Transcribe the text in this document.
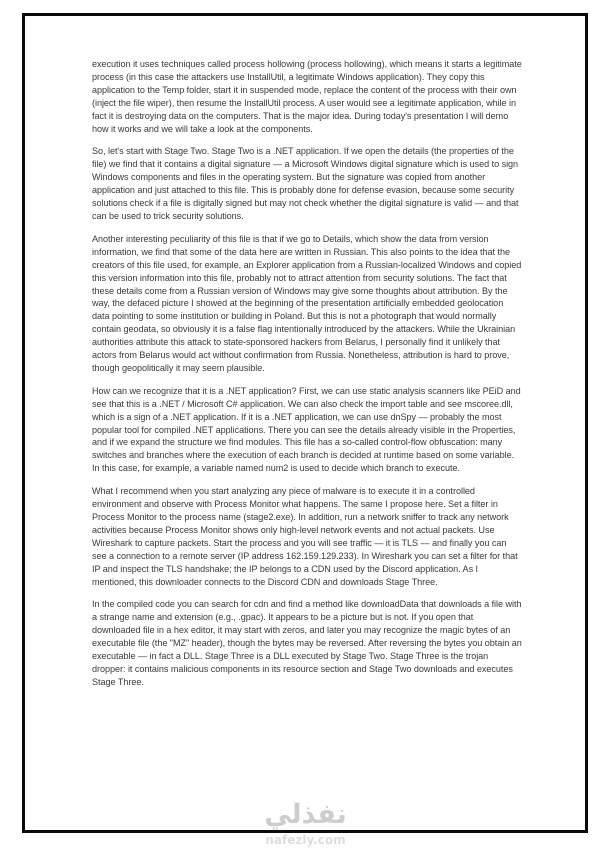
execution it uses techniques called process hollowing (process hollowing), which means it starts a legitimate process (in this case the attackers use InstallUtil, a legitimate Windows application). They copy this application to the Temp folder, start it in suspended mode, replace the content of the process with their own (inject the file wiper), then resume the InstallUtil process. A user would see a legitimate application, while in fact it is destroying data on the computers. That is the major idea. During today's presentation I will demo how it works and we will take a look at the components.

So, let's start with Stage Two. Stage Two is a .NET application. If we open the details (the properties of the file) we find that it contains a digital signature — a Microsoft Windows digital signature which is used to sign Windows components and files in the operating system. But the signature was copied from another application and just attached to this file. This is probably done for defense evasion, because some security solutions check if a file is digitally signed but may not check whether the digital signature is valid — and that can be used to trick security solutions.

Another interesting peculiarity of this file is that if we go to Details, which show the data from version information, we find that some of the data here are written in Russian. This also points to the idea that the creators of this file used, for example, an Explorer application from a Russian-localized Windows and copied this version information into this file, probably not to attract attention from security solutions. The fact that these details come from a Russian version of Windows may give some thoughts about attribution. By the way, the defaced picture I showed at the beginning of the presentation artificially embedded geolocation data pointing to some institution or building in Poland. But this is not a photograph that would normally contain geodata, so obviously it is a false flag intentionally introduced by the attackers. While the Ukrainian authorities attribute this attack to state-sponsored hackers from Belarus, I personally find it unlikely that actors from Belarus would act without confirmation from Russia. Nonetheless, attribution is hard to prove, though geopolitically it may seem plausible.

How can we recognize that it is a .NET application? First, we can use static analysis scanners like PEiD and see that this is a .NET / Microsoft C# application. We can also check the import table and see mscoree.dll, which is a sign of a .NET application. If it is a .NET application, we can use dnSpy — probably the most popular tool for compiled .NET applications. There you can see the details already visible in the Properties, and if we expand the structure we find modules. This file has a so-called control-flow obfuscation: many switches and branches where the execution of each branch is decided at runtime based on some variable. In this case, for example, a variable named num2 is used to decide which branch to execute.

What I recommend when you start analyzing any piece of malware is to execute it in a controlled environment and observe with Process Monitor what happens. The same I propose here. Set a filter in Process Monitor to the process name (stage2.exe). In addition, run a network sniffer to track any network activities because Process Monitor shows only high-level network events and not actual packets. Use Wireshark to capture packets. Start the process and you will see traffic — it is TLS — and finally you can see a connection to a remote server (IP address 162.159.129.233). In Wireshark you can set a filter for that IP and inspect the TLS handshake; the IP belongs to a CDN used by the Discord application. As I mentioned, this downloader connects to the Discord CDN and downloads Stage Three.

In the compiled code you can search for cdn and find a method like downloadData that downloads a file with a strange name and extension (e.g., .gpac). It appears to be a picture but is not. If you open that downloaded file in a hex editor, it may start with zeros, and later you may recognize the magic bytes of an executable file (the "MZ" header), though the bytes may be reversed. After reversing the bytes you obtain an executable — in fact a DLL. Stage Three is a DLL executed by Stage Two. Stage Three is the trojan dropper: it contains malicious components in its resource section and Stage Two downloads and executes Stage Three.

نفذلي
nafezly.com
